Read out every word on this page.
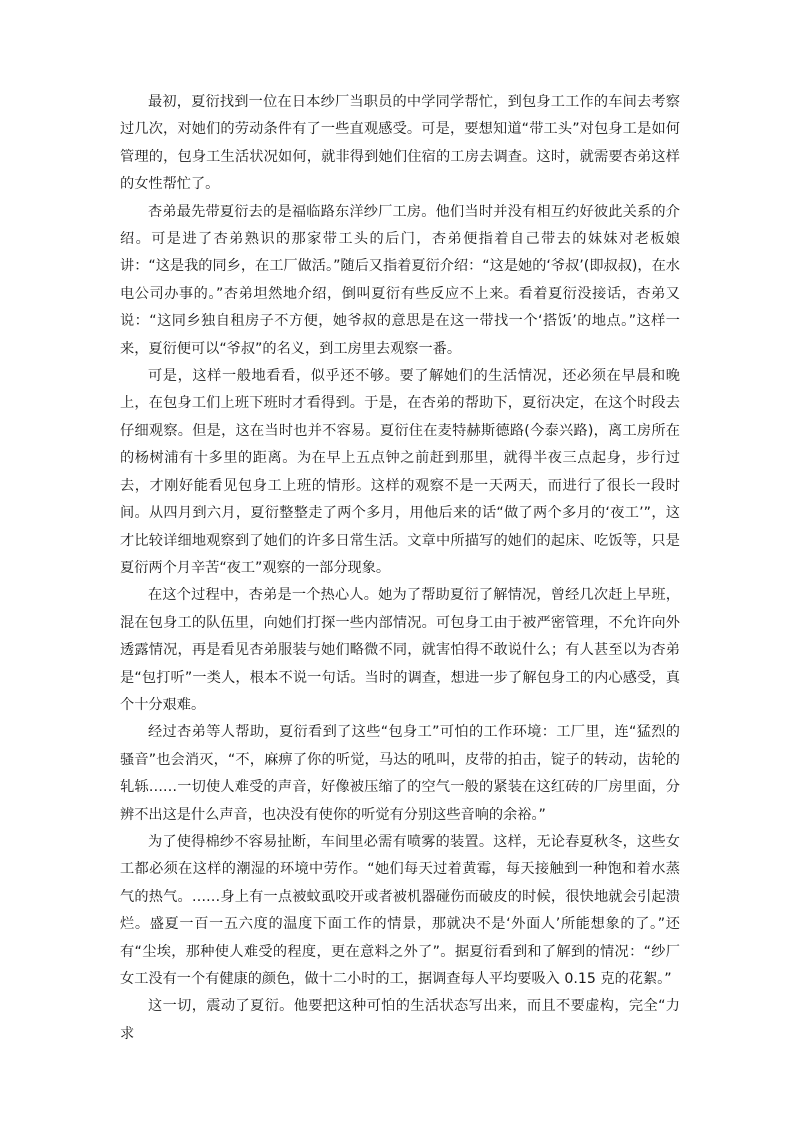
最初，夏衍找到一位在日本纱厂当职员的中学同学帮忙，到包身工工作的车间去考察过几次，对她们的劳动条件有了一些直观感受。可是，要想知道“带工头”对包身工是如何管理的，包身工生活状况如何，就非得到她们住宿的工房去调查。这时，就需要杏弟这样的女性帮忙了。

杏弟最先带夏衍去的是福临路东洋纱厂工房。他们当时并没有相互约好彼此关系的介绍。可是进了杏弟熟识的那家带工头的后门，杏弟便指着自己带去的妹妹对老板娘讲：“这是我的同乡，在工厂做活。”随后又指着夏衍介绍：“这是她的‘爷叔’(即叔叔)，在水电公司办事的。”杏弟坦然地介绍，倒叫夏衍有些反应不上来。看着夏衍没接话，杏弟又说：“这同乡独自租房子不方便，她爷叔的意思是在这一带找一个‘搭饭’的地点。”这样一来，夏衍便可以“爷叔”的名义，到工房里去观察一番。

可是，这样一般地看看，似乎还不够。要了解她们的生活情况，还必须在早晨和晚上，在包身工们上班下班时才看得到。于是，在杏弟的帮助下，夏衍决定，在这个时段去仔细观察。但是，这在当时也并不容易。夏衍住在麦特赫斯德路(今泰兴路)，离工房所在的杨树浦有十多里的距离。为在早上五点钟之前赶到那里，就得半夜三点起身，步行过去，才刚好能看见包身工上班的情形。这样的观察不是一天两天，而进行了很长一段时间。从四月到六月，夏衍整整走了两个多月，用他后来的话“做了两个多月的‘夜工’”，这才比较详细地观察到了她们的许多日常生活。文章中所描写的她们的起床、吃饭等，只是夏衍两个月辛苦“夜工”观察的一部分现象。

在这个过程中，杏弟是一个热心人。她为了帮助夏衍了解情况，曾经几次赶上早班，混在包身工的队伍里，向她们打探一些内部情况。可包身工由于被严密管理，不允许向外透露情况，再是看见杏弟服装与她们略微不同，就害怕得不敢说什么；有人甚至以为杏弟是“包打听”一类人，根本不说一句话。当时的调查，想进一步了解包身工的内心感受，真个十分艰难。

经过杏弟等人帮助，夏衍看到了这些“包身工”可怕的工作环境：工厂里，连“猛烈的骚音”也会消灭，“不，麻痹了你的听觉，马达的吼叫，皮带的拍击，锭子的转动，齿轮的轧轹……一切使人难受的声音，好像被压缩了的空气一般的紧装在这红砖的厂房里面，分辨不出这是什么声音，也决没有使你的听觉有分别这些音响的余裕。”

为了使得棉纱不容易扯断，车间里必需有喷雾的装置。这样，无论春夏秋冬，这些女工都必须在这样的潮湿的环境中劳作。“她们每天过着黄霉，每天接触到一种饱和着水蒸气的热气。……身上有一点被蚊虱咬开或者被机器碰伤而破皮的时候，很快地就会引起溃烂。盛夏一百一五六度的温度下面工作的情景，那就决不是‘外面人’所能想象的了。”还有“尘埃，那种使人难受的程度，更在意料之外了”。据夏衍看到和了解到的情况：“纱厂女工没有一个有健康的颜色，做十二小时的工，据调查每人平均要吸入 0.15 克的花絮。”

这一切，震动了夏衍。他要把这种可怕的生活状态写出来，而且不要虚构，完全“力求
